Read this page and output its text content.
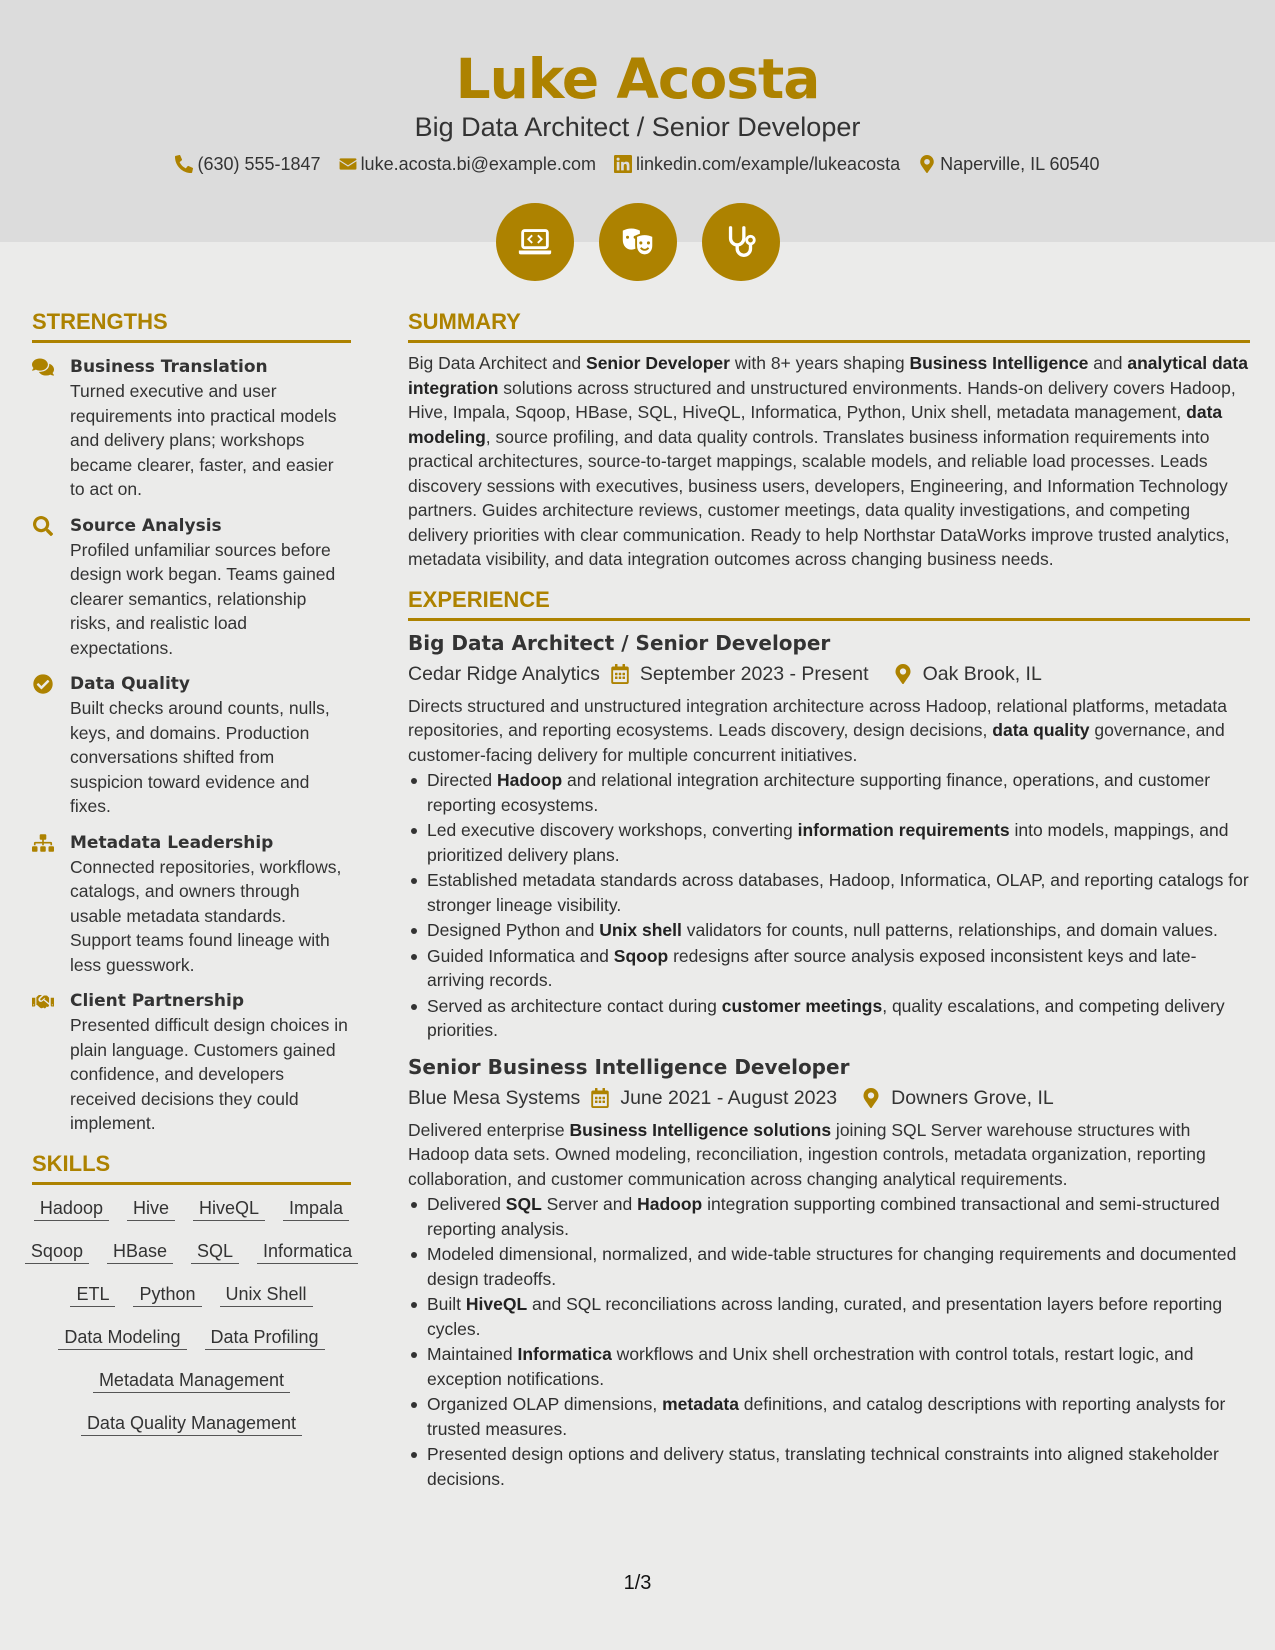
Luke Acosta
Big Data Architect / Senior Developer
(630) 555-1847 luke.acosta.bi@example.com linkedin.com/example/lukeacosta Naperville, IL 60540
STRENGTHS
Business Translation
Turned executive and user requirements into practical models and delivery plans; workshops became clearer, faster, and easier to act on.
Source Analysis
Profiled unfamiliar sources before design work began. Teams gained clearer semantics, relationship risks, and realistic load expectations.
Data Quality
Built checks around counts, nulls, keys, and domains. Production conversations shifted from suspicion toward evidence and fixes.
Metadata Leadership
Connected repositories, workflows, catalogs, and owners through usable metadata standards. Support teams found lineage with less guesswork.
Client Partnership
Presented difficult design choices in plain language. Customers gained confidence, and developers received decisions they could implement.
SKILLS
Hadoop	Hive	HiveQL	Impala
Sqoop	HBase	SQL	Informatica
ETL	Python	Unix Shell
Data Modeling	Data Profiling
Metadata Management
Data Quality Management
SUMMARY
Big Data Architect and Senior Developer with 8+ years shaping Business Intelligence and analytical data integration solutions across structured and unstructured environments. Hands-on delivery covers Hadoop, Hive, Impala, Sqoop, HBase, SQL, HiveQL, Informatica, Python, Unix shell, metadata management, data modeling, source profiling, and data quality controls. Translates business information requirements into practical architectures, source-to-target mappings, scalable models, and reliable load processes. Leads discovery sessions with executives, business users, developers, Engineering, and Information Technology partners. Guides architecture reviews, customer meetings, data quality investigations, and competing delivery priorities with clear communication. Ready to help Northstar DataWorks improve trusted analytics, metadata visibility, and data integration outcomes across changing business needs.
EXPERIENCE
Big Data Architect / Senior Developer
Cedar Ridge Analytics September 2023 - Present	Oak Brook, IL
Directs structured and unstructured integration architecture across Hadoop, relational platforms, metadata repositories, and reporting ecosystems. Leads discovery, design decisions, data quality governance, and customer-facing delivery for multiple concurrent initiatives.
Directed Hadoop and relational integration architecture supporting finance, operations, and customer reporting ecosystems.
Led executive discovery workshops, converting information requirements into models, mappings, and prioritized delivery plans.
Established metadata standards across databases, Hadoop, Informatica, OLAP, and reporting catalogs for stronger lineage visibility.
Designed Python and Unix shell validators for counts, null patterns, relationships, and domain values.
Guided Informatica and Sqoop redesigns after source analysis exposed inconsistent keys and late-arriving records.
Served as architecture contact during customer meetings, quality escalations, and competing delivery priorities.
Senior Business Intelligence Developer
Blue Mesa Systems June 2021 - August 2023	Downers Grove, IL
Delivered enterprise Business Intelligence solutions joining SQL Server warehouse structures with Hadoop data sets. Owned modeling, reconciliation, ingestion controls, metadata organization, reporting collaboration, and customer communication across changing analytical requirements.
Delivered SQL Server and Hadoop integration supporting combined transactional and semi-structured reporting analysis.
Modeled dimensional, normalized, and wide-table structures for changing requirements and documented design tradeoffs.
Built HiveQL and SQL reconciliations across landing, curated, and presentation layers before reporting cycles.
Maintained Informatica workflows and Unix shell orchestration with control totals, restart logic, and exception notifications.
Organized OLAP dimensions, metadata definitions, and catalog descriptions with reporting analysts for trusted measures.
Presented design options and delivery status, translating technical constraints into aligned stakeholder decisions.
1/3
